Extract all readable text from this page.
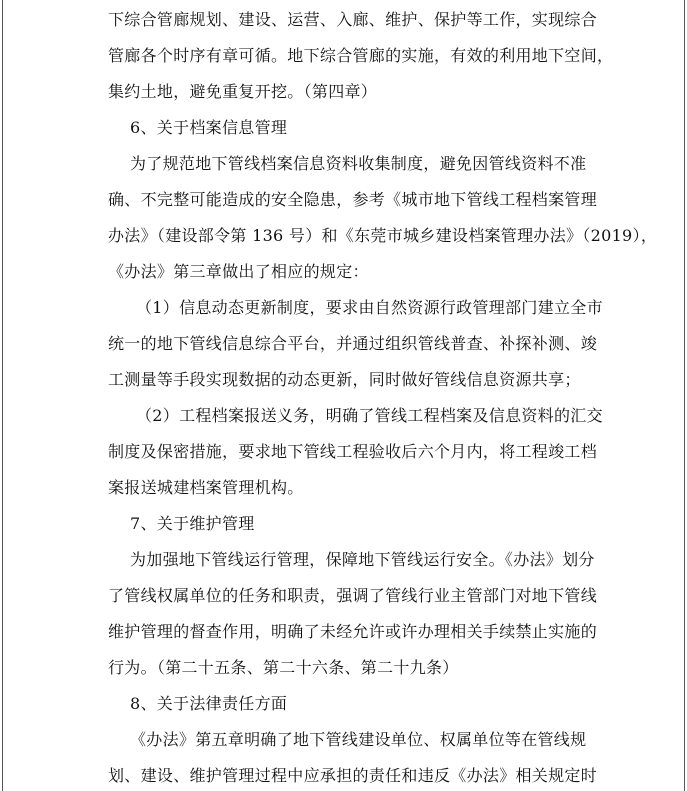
下综合管廊规划、建设、运营、入廊、维护、保护等工作，实现综合
管廊各个时序有章可循。地下综合管廊的实施，有效的利用地下空间，
集约土地，避免重复开挖。（第四章）
6、关于档案信息管理
为了规范地下管线档案信息资料收集制度，避免因管线资料不准
确、不完整可能造成的安全隐患，参考《城市地下管线工程档案管理
办法》（建设部令第 136 号）和《东莞市城乡建设档案管理办法》（2019），
《办法》第三章做出了相应的规定：
（1）信息动态更新制度，要求由自然资源行政管理部门建立全市
统一的地下管线信息综合平台，并通过组织管线普查、补探补测、竣
工测量等手段实现数据的动态更新，同时做好管线信息资源共享；
（2）工程档案报送义务，明确了管线工程档案及信息资料的汇交
制度及保密措施，要求地下管线工程验收后六个月内，将工程竣工档
案报送城建档案管理机构。
7、关于维护管理
为加强地下管线运行管理，保障地下管线运行安全。《办法》划分
了管线权属单位的任务和职责，强调了管线行业主管部门对地下管线
维护管理的督查作用，明确了未经允许或许办理相关手续禁止实施的
行为。（第二十五条、第二十六条、第二十九条）
8、关于法律责任方面
《办法》第五章明确了地下管线建设单位、权属单位等在管线规
划、建设、维护管理过程中应承担的责任和违反《办法》相关规定时
